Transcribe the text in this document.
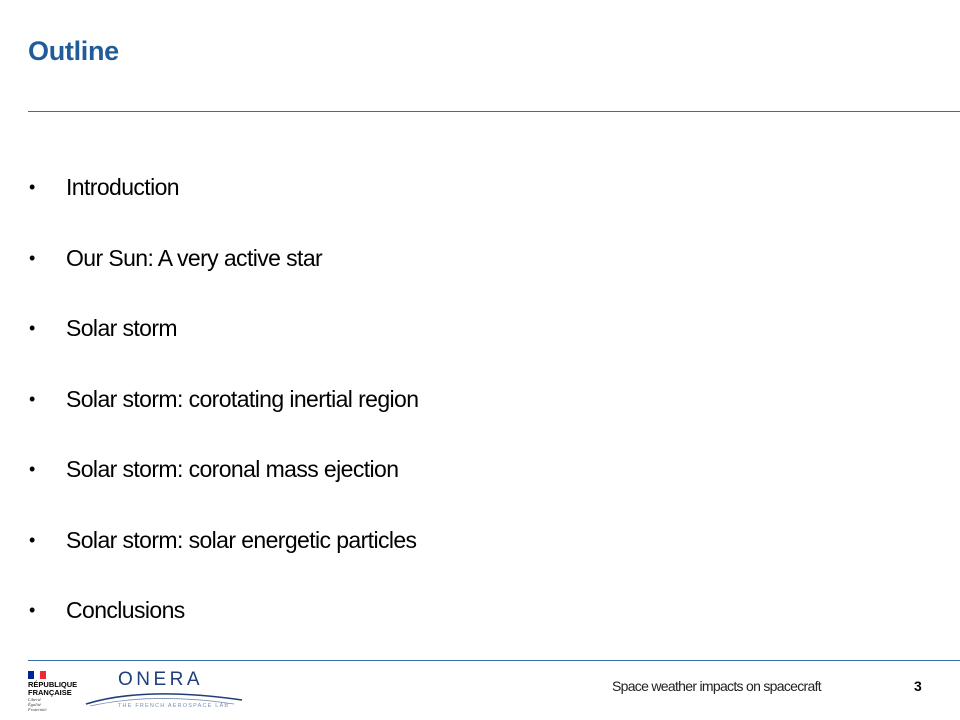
Outline
•	Introduction
•	Our Sun: A very active star
•	Solar storm
•	Solar storm: corotating inertial region
•	Solar storm: coronal mass ejection
•	Solar storm: solar energetic particles
•	Conclusions
RÉPUBLIQUE
FRANÇAISE
Liberté
Égalité
Fraternité
ONERA
THE FRENCH AEROSPACE LAB
Space weather impacts on spacecraft	3
